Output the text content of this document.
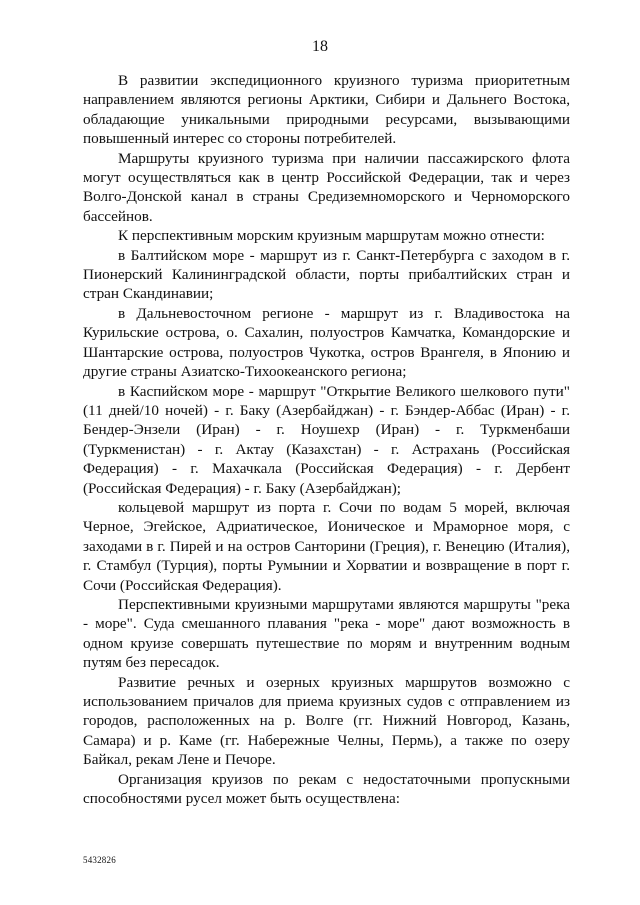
18

В развитии экспедиционного круизного туризма приоритетным направлением являются регионы Арктики, Сибири и Дальнего Востока, обладающие уникальными природными ресурсами, вызывающими повышенный интерес со стороны потребителей.

Маршруты круизного туризма при наличии пассажирского флота могут осуществляться как в центр Российской Федерации, так и через Волго-Донской канал в страны Средиземноморского и Черноморского бассейнов.

К перспективным морским круизным маршрутам можно отнести:

в Балтийском море - маршрут из г. Санкт-Петербурга с заходом в г. Пионерский Калининградской области, порты прибалтийских стран и стран Скандинавии;

в Дальневосточном регионе - маршрут из г. Владивостока на Курильские острова, о. Сахалин, полуостров Камчатка, Командорские и Шантарские острова, полуостров Чукотка, остров Врангеля, в Японию и другие страны Азиатско-Тихоокеанского региона;

в Каспийском море - маршрут "Открытие Великого шелкового пути" (11 дней/10 ночей) - г. Баку (Азербайджан) - г. Бэндер-Аббас (Иран) - г. Бендер-Энзели (Иран) - г. Ноушехр (Иран) - г. Туркменбаши (Туркменистан) - г. Актау (Казахстан) - г. Астрахань (Российская Федерация) - г. Махачкала (Российская Федерация) - г. Дербент (Российская Федерация) - г. Баку (Азербайджан);

кольцевой маршрут из порта г. Сочи по водам 5 морей, включая Черное, Эгейское, Адриатическое, Ионическое и Мраморное моря, с заходами в г. Пирей и на остров Санторини (Греция), г. Венецию (Италия), г. Стамбул (Турция), порты Румынии и Хорватии и возвращение в порт г. Сочи (Российская Федерация).

Перспективными круизными маршрутами являются маршруты "река - море". Суда смешанного плавания "река - море" дают возможность в одном круизе совершать путешествие по морям и внутренним водным путям без пересадок.

Развитие речных и озерных круизных маршрутов возможно с использованием причалов для приема круизных судов с отправлением из городов, расположенных на р. Волге (гг. Нижний Новгород, Казань, Самара) и р. Каме (гг. Набережные Челны, Пермь), а также по озеру Байкал, рекам Лене и Печоре.

Организация круизов по рекам с недостаточными пропускными способностями русел может быть осуществлена:

5432826
